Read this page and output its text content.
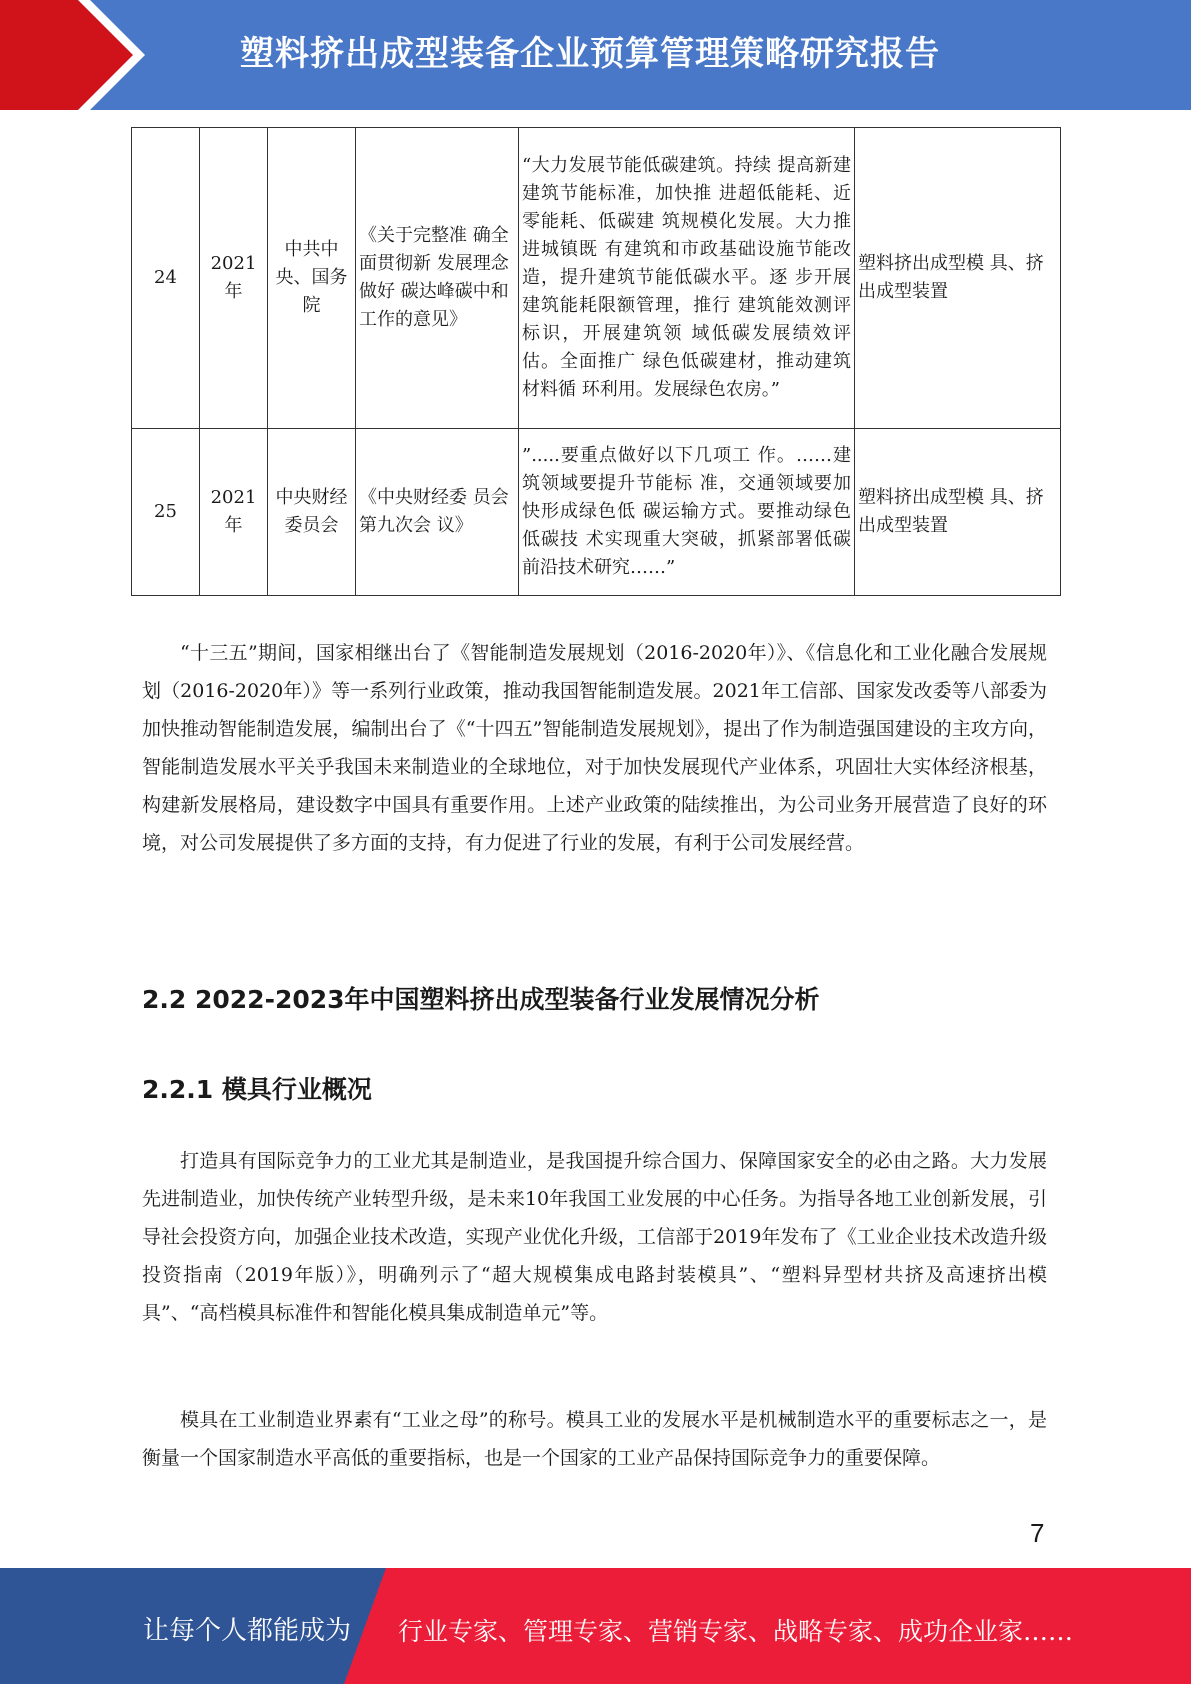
塑料挤出成型装备企业预算管理策略研究报告
24	2021年	中共中央、国务院	《关于完整准 确全面贯彻新 发展理念做好 碳达峰碳中和 工作的意见》	“大力发展节能低碳建筑。持续 提高新建建筑节能标准，加快推 进超低能耗、近零能耗、低碳建 筑规模化发展。大力推进城镇既 有建筑和市政基础设施节能改 造，提升建筑节能低碳水平。逐 步开展建筑能耗限额管理，推行 建筑能效测评标识，开展建筑领 域低碳发展绩效评估。全面推广 绿色低碳建材，推动建筑材料循 环利用。发展绿色农房。”	塑料挤出成型模 具、挤出成型装置
25	2021年	中央财经委员会	《中央财经委 员会第九次会 议》	”.....要重点做好以下几项工 作。……建筑领域要提升节能标 准，交通领域要加快形成绿色低 碳运输方式。要推动绿色低碳技 术实现重大突破，抓紧部署低碳 前沿技术研究……”	塑料挤出成型模 具、挤出成型装置

“十三五”期间，国家相继出台了《智能制造发展规划（2016-2020年）》、《信息化和工业化融合发展规划（2016-2020年）》等一系列行业政策，推动我国智能制造发展。2021年工信部、国家发改委等八部委为加快推动智能制造发展，编制出台了《“十四五”智能制造发展规划》，提出了作为制造强国建设的主攻方向，智能制造发展水平关乎我国未来制造业的全球地位，对于加快发展现代产业体系，巩固壮大实体经济根基，构建新发展格局，建设数字中国具有重要作用。上述产业政策的陆续推出，为公司业务开展营造了良好的环境，对公司发展提供了多方面的支持，有力促进了行业的发展，有利于公司发展经营。

2.2 2022-2023年中国塑料挤出成型装备行业发展情况分析
2.2.1 模具行业概况

打造具有国际竞争力的工业尤其是制造业，是我国提升综合国力、保障国家安全的必由之路。大力发展先进制造业，加快传统产业转型升级，是未来10年我国工业发展的中心任务。为指导各地工业创新发展，引导社会投资方向，加强企业技术改造，实现产业优化升级，工信部于2019年发布了《工业企业技术改造升级投资指南（2019年版）》，明确列示了“超大规模集成电路封装模具”、“塑料异型材共挤及高速挤出模具”、“高档模具标准件和智能化模具集成制造单元”等。

模具在工业制造业界素有“工业之母”的称号。模具工业的发展水平是机械制造水平的重要标志之一，是衡量一个国家制造水平高低的重要指标，也是一个国家的工业产品保持国际竞争力的重要保障。

7
让每个人都能成为 行业专家、管理专家、营销专家、战略专家、成功企业家……
